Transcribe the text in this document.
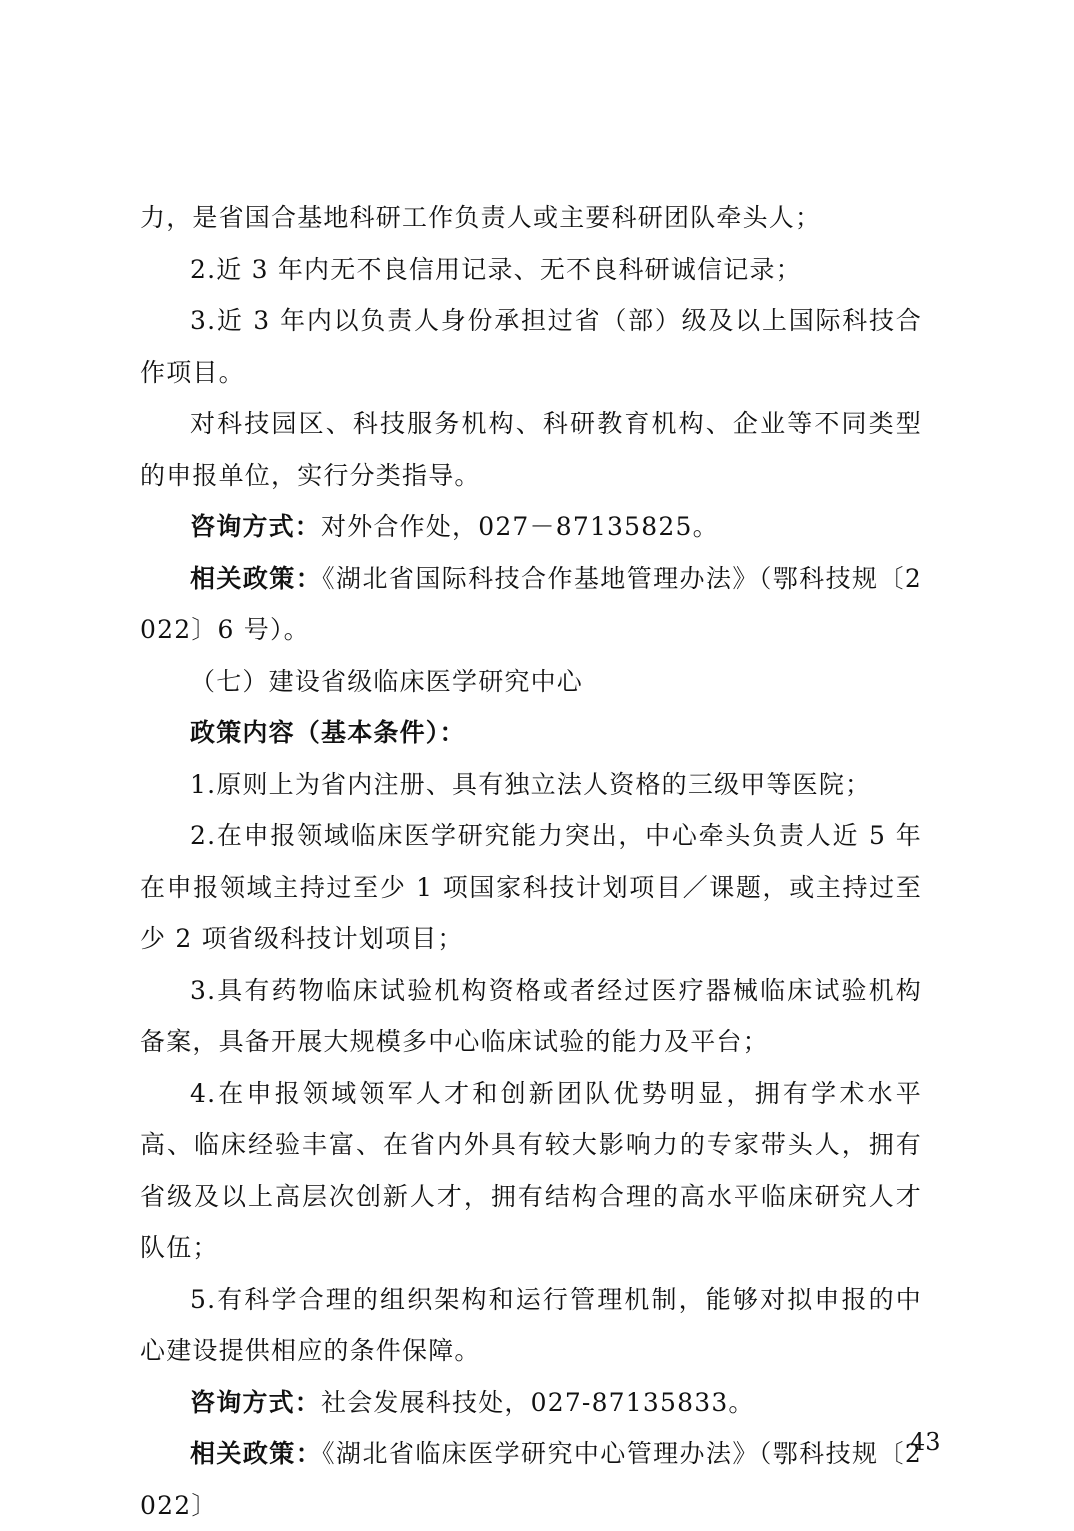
力，是省国合基地科研工作负责人或主要科研团队牵头人；

2.近 3 年内无不良信用记录、无不良科研诚信记录；

3.近 3 年内以负责人身份承担过省（部）级及以上国际科技合作项目。

对科技园区、科技服务机构、科研教育机构、企业等不同类型的申报单位，实行分类指导。

咨询方式：对外合作处，027－87135825。

相关政策：《湖北省国际科技合作基地管理办法》（鄂科技规〔2022〕6 号）。

（七）建设省级临床医学研究中心

政策内容（基本条件）：

1.原则上为省内注册、具有独立法人资格的三级甲等医院；

2.在申报领域临床医学研究能力突出，中心牵头负责人近 5 年在申报领域主持过至少 1 项国家科技计划项目／课题，或主持过至少 2 项省级科技计划项目；

3.具有药物临床试验机构资格或者经过医疗器械临床试验机构备案，具备开展大规模多中心临床试验的能力及平台；

4.在申报领域领军人才和创新团队优势明显，拥有学术水平高、临床经验丰富、在省内外具有较大影响力的专家带头人，拥有省级及以上高层次创新人才，拥有结构合理的高水平临床研究人才队伍；

5.有科学合理的组织架构和运行管理机制，能够对拟申报的中心建设提供相应的条件保障。

咨询方式：社会发展科技处，027-87135833。

相关政策：《湖北省临床医学研究中心管理办法》（鄂科技规〔2022〕

43
